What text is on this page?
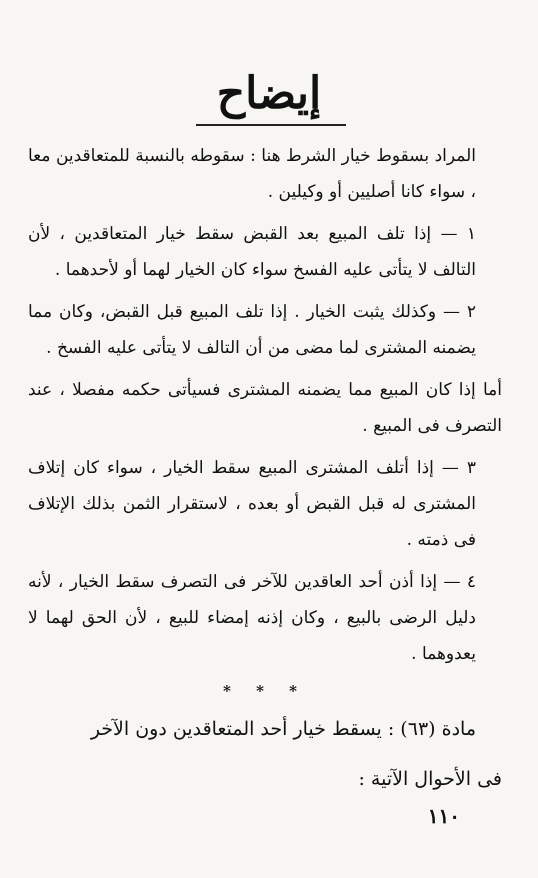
إيضاح

المراد بسقوط خيار الشرط هنا : سقوطه بالنسبة للمتعاقدين معا ، سواء كانا أصليين أو وكيلين .

١ — إذا تلف المبيع بعد القبض سقط خيار المتعاقدين ، لأن التالف لا يتأتى عليه الفسخ سواء كان الخيار لهما أو لأحدهما .

٢ — وكذلك يثبت الخيار . إذا تلف المبيع قبل القبض، وكان مما يضمنه المشترى لما مضى من أن التالف لا يتأتى عليه الفسخ .

أما إذا كان المبيع مما يضمنه المشترى فسيأتى حكمه مفصلا ، عند التصرف فى المبيع .

٣ — إذا أتلف المشترى المبيع سقط الخيار ، سواء كان إتلاف المشترى له قبل القبض أو بعده ، لاستقرار الثمن بذلك الإتلاف فى ذمته .

٤ — إذا أذن أحد العاقدين للآخر فى التصرف سقط الخيار ، لأنه دليل الرضى بالبيع ، وكان إذنه إمضاء للبيع ، لأن الحق لهما لا يعدوهما .

* * *

مادة (٦٣) : يسقط خيار أحد المتعاقدين دون الآخر

فى الأحوال الآتية :

١١٠
